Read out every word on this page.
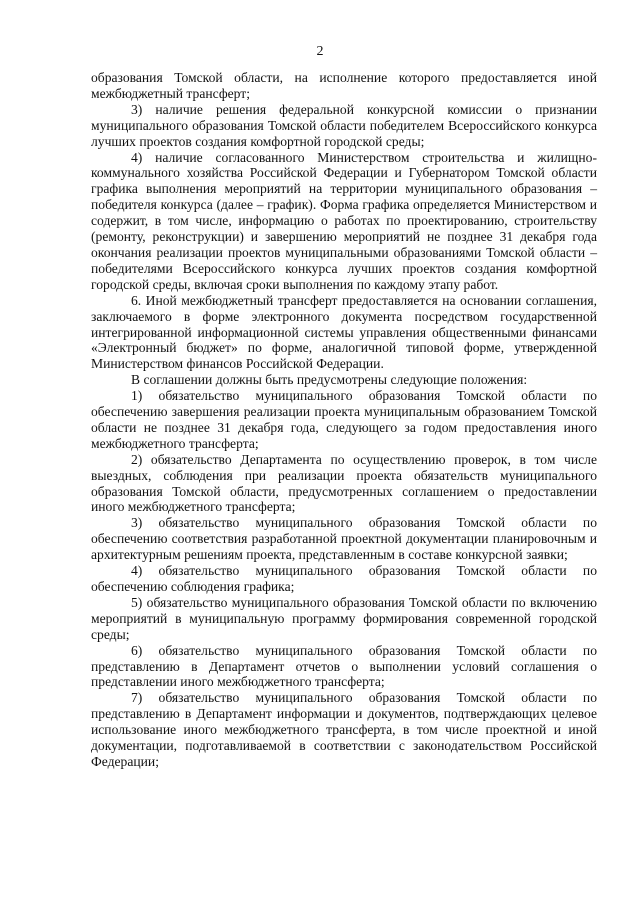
2

образования Томской области, на исполнение которого предоставляется иной межбюджетный трансферт;

3) наличие решения федеральной конкурсной комиссии о признании муниципального образования Томской области победителем Всероссийского конкурса лучших проектов создания комфортной городской среды;

4) наличие согласованного Министерством строительства и жилищно-коммунального хозяйства Российской Федерации и Губернатором Томской области графика выполнения мероприятий на территории муниципального образования – победителя конкурса (далее – график). Форма графика определяется Министерством и содержит, в том числе, информацию о работах по проектированию, строительству (ремонту, реконструкции) и завершению мероприятий не позднее 31 декабря года окончания реализации проектов муниципальными образованиями Томской области – победителями Всероссийского конкурса лучших проектов создания комфортной городской среды, включая сроки выполнения по каждому этапу работ.

6. Иной межбюджетный трансферт предоставляется на основании соглашения, заключаемого в форме электронного документа посредством государственной интегрированной информационной системы управления общественными финансами «Электронный бюджет» по форме, аналогичной типовой форме, утвержденной Министерством финансов Российской Федерации.

В соглашении должны быть предусмотрены следующие положения:

1) обязательство муниципального образования Томской области по обеспечению завершения реализации проекта муниципальным образованием Томской области не позднее 31 декабря года, следующего за годом предоставления иного межбюджетного трансферта;

2) обязательство Департамента по осуществлению проверок, в том числе выездных, соблюдения при реализации проекта обязательств муниципального образования Томской области, предусмотренных соглашением о предоставлении иного межбюджетного трансферта;

3) обязательство муниципального образования Томской области по обеспечению соответствия разработанной проектной документации планировочным и архитектурным решениям проекта, представленным в составе конкурсной заявки;

4) обязательство муниципального образования Томской области по обеспечению соблюдения графика;

5) обязательство муниципального образования Томской области по включению мероприятий в муниципальную программу формирования современной городской среды;

6) обязательство муниципального образования Томской области по представлению в Департамент отчетов о выполнении условий соглашения о представлении иного межбюджетного трансферта;

7) обязательство муниципального образования Томской области по представлению в Департамент информации и документов, подтверждающих целевое использование иного межбюджетного трансферта, в том числе проектной и иной документации, подготавливаемой в соответствии с законодательством Российской Федерации;
